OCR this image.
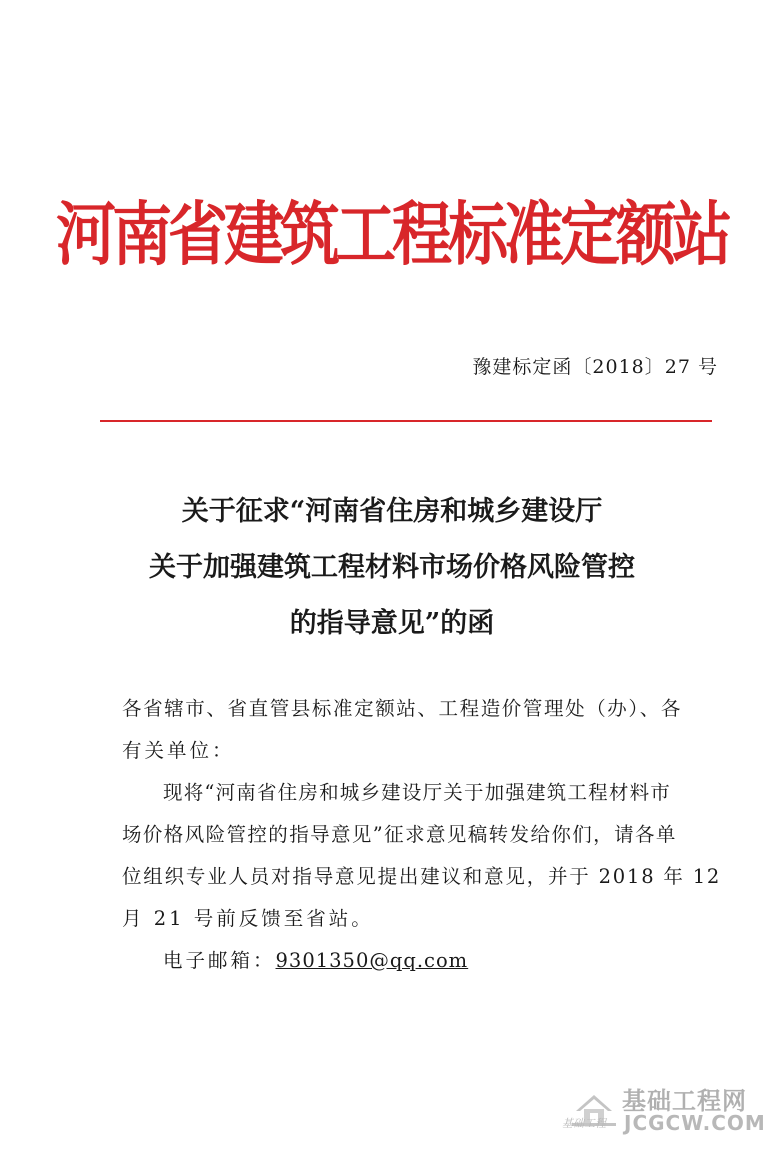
河南省建筑工程标准定额站
豫建标定函〔2018〕27 号
关于征求“河南省住房和城乡建设厅
关于加强建筑工程材料市场价格风险管控
的指导意见”的函

各省辖市、省直管县标准定额站、工程造价管理处（办）、各

有关单位：

现将“河南省住房和城乡建设厅关于加强建筑工程材料市

场价格风险管控的指导意见”征求意见稿转发给你们，请各单

位组织专业人员对指导意见提出建议和意见，并于 2018 年 12

月 21 号前反馈至省站。

电子邮箱：9301350@qq.com

基础工程网
JCGCW.COM
基础工程
